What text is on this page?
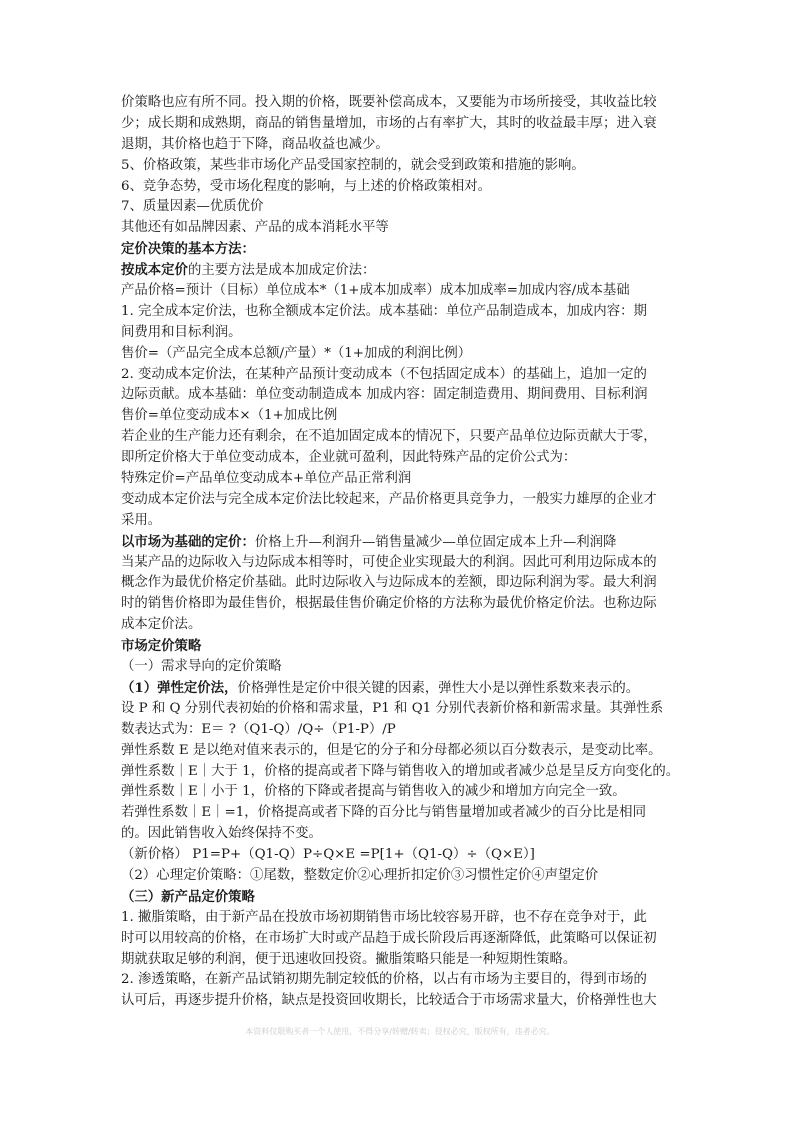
价策略也应有所不同。投入期的价格，既要补偿高成本，又要能为市场所接受，其收益比较
少；成长期和成熟期，商品的销售量增加，市场的占有率扩大，其时的收益最丰厚；进入衰
退期，其价格也趋于下降，商品收益也减少。
5、价格政策，某些非市场化产品受国家控制的，就会受到政策和措施的影响。
6、竞争态势，受市场化程度的影响，与上述的价格政策相对。
7、质量因素—优质优价
其他还有如品牌因素、产品的成本消耗水平等
定价决策的基本方法：
按成本定价的主要方法是成本加成定价法：
产品价格=预计（目标）单位成本*（1+成本加成率）成本加成率=加成内容/成本基础
1. 完全成本定价法，也称全额成本定价法。成本基础：单位产品制造成本，加成内容：期
间费用和目标利润。
售价=（产品完全成本总额/产量）*（1+加成的利润比例）
2. 变动成本定价法，在某种产品预计变动成本（不包括固定成本）的基础上，追加一定的
边际贡献。成本基础：单位变动制造成本 加成内容：固定制造费用、期间费用、目标利润
售价=单位变动成本×（1+加成比例
若企业的生产能力还有剩余，在不追加固定成本的情况下，只要产品单位边际贡献大于零，
即所定价格大于单位变动成本，企业就可盈利，因此特殊产品的定价公式为：
特殊定价=产品单位变动成本+单位产品正常利润
变动成本定价法与完全成本定价法比较起来，产品价格更具竞争力，一般实力雄厚的企业才
采用。
以市场为基础的定价：价格上升—利润升—销售量减少—单位固定成本上升—利润降
当某产品的边际收入与边际成本相等时，可使企业实现最大的利润。因此可利用边际成本的
概念作为最优价格定价基础。此时边际收入与边际成本的差额，即边际利润为零。最大利润
时的销售价格即为最佳售价，根据最佳售价确定价格的方法称为最优价格定价法。也称边际
成本定价法。
市场定价策略
（一）需求导向的定价策略
（1）弹性定价法，价格弹性是定价中很关键的因素，弹性大小是以弹性系数来表示的。
设 P 和 Q 分别代表初始的价格和需求量，P1 和 Q1 分别代表新价格和新需求量。其弹性系
数表达式为：E＝ ?（Q1-Q）/Q÷（P1-P）/P
弹性系数 E 是以绝对值来表示的，但是它的分子和分母都必须以百分数表示，是变动比率。
弹性系数｜E｜大于 1，价格的提高或者下降与销售收入的增加或者减少总是呈反方向变化的。
弹性系数｜E｜小于 1，价格的下降或者提高与销售收入的减少和增加方向完全一致。
若弹性系数｜E｜=1，价格提高或者下降的百分比与销售量增加或者减少的百分比是相同
的。因此销售收入始终保持不变。
（新价格） P1=P+（Q1-Q）P÷Q×E =P[1+（Q1-Q）÷（Q×E）]
（2）心理定价策略：①尾数，整数定价②心理折扣定价③习惯性定价④声望定价
（三）新产品定价策略
1. 撇脂策略，由于新产品在投放市场初期销售市场比较容易开辟，也不存在竞争对于，此
时可以用较高的价格，在市场扩大时或产品趋于成长阶段后再逐渐降低，此策略可以保证初
期就获取足够的利润，便于迅速收回投资。撇脂策略只能是一种短期性策略。
2. 渗透策略，在新产品试销初期先制定较低的价格，以占有市场为主要目的，得到市场的
认可后，再逐步提升价格，缺点是投资回收期长，比较适合于市场需求量大，价格弹性也大
本资料仅限购买者一个人使用，不得分享/转赠/转卖；侵权必究，版权所有，违者必究。
